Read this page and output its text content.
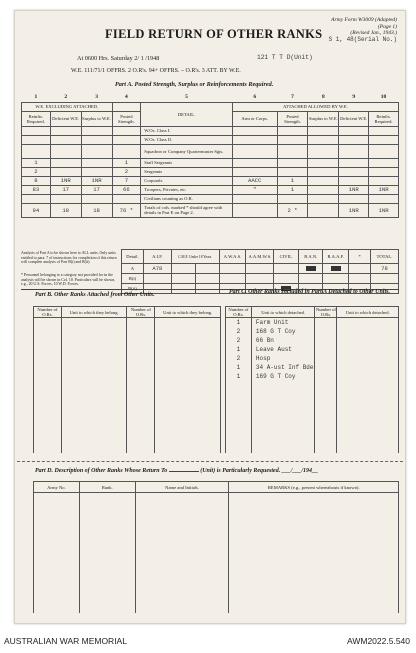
Army Form W3009 (Adapted)
(Page 1)
(Revised Jan., 1943.)
S 1, 48(Serial No.)
FIELD RETURN OF OTHER RANKS
At 0600 Hrs. Saturday 2/ 1 /1948	121 T T D(Unit)
W.E. 111/71/1 OFFRS. 2 O.R's. 94+ OFFRS. – O.R's. 3 ATT. BY W.E.
Part A. Posted Strength, Surplus or Reinforcements Required.
1	2	3	4	5	6	7	8	9	10
W.E. EXCLUDING ATTACHED.				DETAIL.	ATTACHED ALLOWED BY W.E.				
Reinfts. Required.	Deficient W.E.	Surplus to W.E.	Posted Strength.		Arm or Corps.	Posted Strength.	Surplus to W.E.	Deficient W.E.	Reinfts. Required.
				W.Os. Class I.					
				W.Os. Class II.					
				Squadron or Company Quartermaster Sgts.					
1			1	Staff Sergeants					
2			2	Sergeants					
8	1NR	1NR	7	Corporals	AACC	1			
83	17	17	66	Troopers, Privates, etc.	"	1		1NR	1NR
				Civilians counting as O.R.					
94	18	18	76 *	Totals of cols. marked * should agree with details in Part E on Page 2.		2 *		1NR	1NR
Analysis of Part A to be shown here to ALL units. Only units entitled to para. 7 of instructions for completion of this return will complete analysis of Part B(i) and B(ii).
* Personnel belonging to a category not provided for in the analysis will be shown in Col. 10. Particulars will be shown, e.g., 20 U.S. Forces, 10 W.D. Forces.
Detail.	A.I.F.	C.M.F. Under 18 Years.		A.W.A.S.	A.A.M.W.S.	CIVIL.	R.A.N.	R.A.A.F.	*	TOTAL.
A	A78									78
B(i)										
B(ii)										
Part B. Other Ranks Attached from Other Units.	Part C. Other Ranks Included in Part A Detached to Other Units.
Number of O.Rs.	Unit to which they belong.	Number of O.Rs.	Unit to which they belong.

				Number of O.Rs.	Unit to which detached.	Number of O.Rs.	Unit to which detached.
1	Farm Unit		
2	168 G T Coy		
2	66 Bn		
1	Leave Aust		
2	Hosp		
1	34 A-ust Inf Bde		
1	169 G T Coy		

Part D. Description of Other Ranks Whose Return To	(Unit) is Particularly Requested. ___/___/194__
Army No.	Rank.	Name and Initials.	REMARKS (e.g., present whereabouts if known).

AUSTRALIAN WAR MEMORIAL	AWM2022.5.540
